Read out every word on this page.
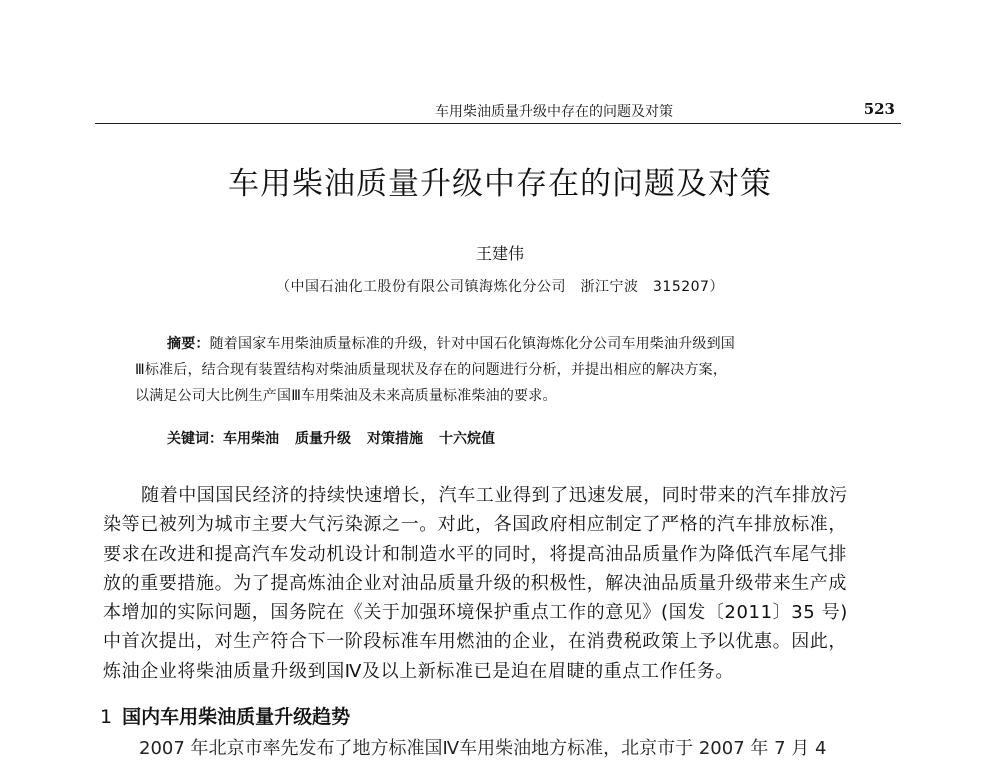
车用柴油质量升级中存在的问题及对策	523
车用柴油质量升级中存在的问题及对策
王建伟
（中国石油化工股份有限公司镇海炼化分公司　浙江宁波　315207）
摘要：随着国家车用柴油质量标准的升级，针对中国石化镇海炼化分公司车用柴油升级到国
Ⅲ标准后，结合现有装置结构对柴油质量现状及存在的问题进行分析，并提出相应的解决方案，
以满足公司大比例生产国Ⅲ车用柴油及未来高质量标准柴油的要求。
关键词：车用柴油 质量升级 对策措施 十六烷值
随着中国国民经济的持续快速增长，汽车工业得到了迅速发展，同时带来的汽车排放污
染等已被列为城市主要大气污染源之一。对此，各国政府相应制定了严格的汽车排放标准，
要求在改进和提高汽车发动机设计和制造水平的同时，将提高油品质量作为降低汽车尾气排
放的重要措施。为了提高炼油企业对油品质量升级的积极性，解决油品质量升级带来生产成
本增加的实际问题，国务院在《关于加强环境保护重点工作的意见》(国发〔2011〕35 号)
中首次提出，对生产符合下一阶段标准车用燃油的企业，在消费税政策上予以优惠。因此，
炼油企业将柴油质量升级到国Ⅳ及以上新标准已是迫在眉睫的重点工作任务。
1 国内车用柴油质量升级趋势
　　2007 年北京市率先发布了地方标准国Ⅳ车用柴油地方标准，北京市于 2007 年 7 月 4
